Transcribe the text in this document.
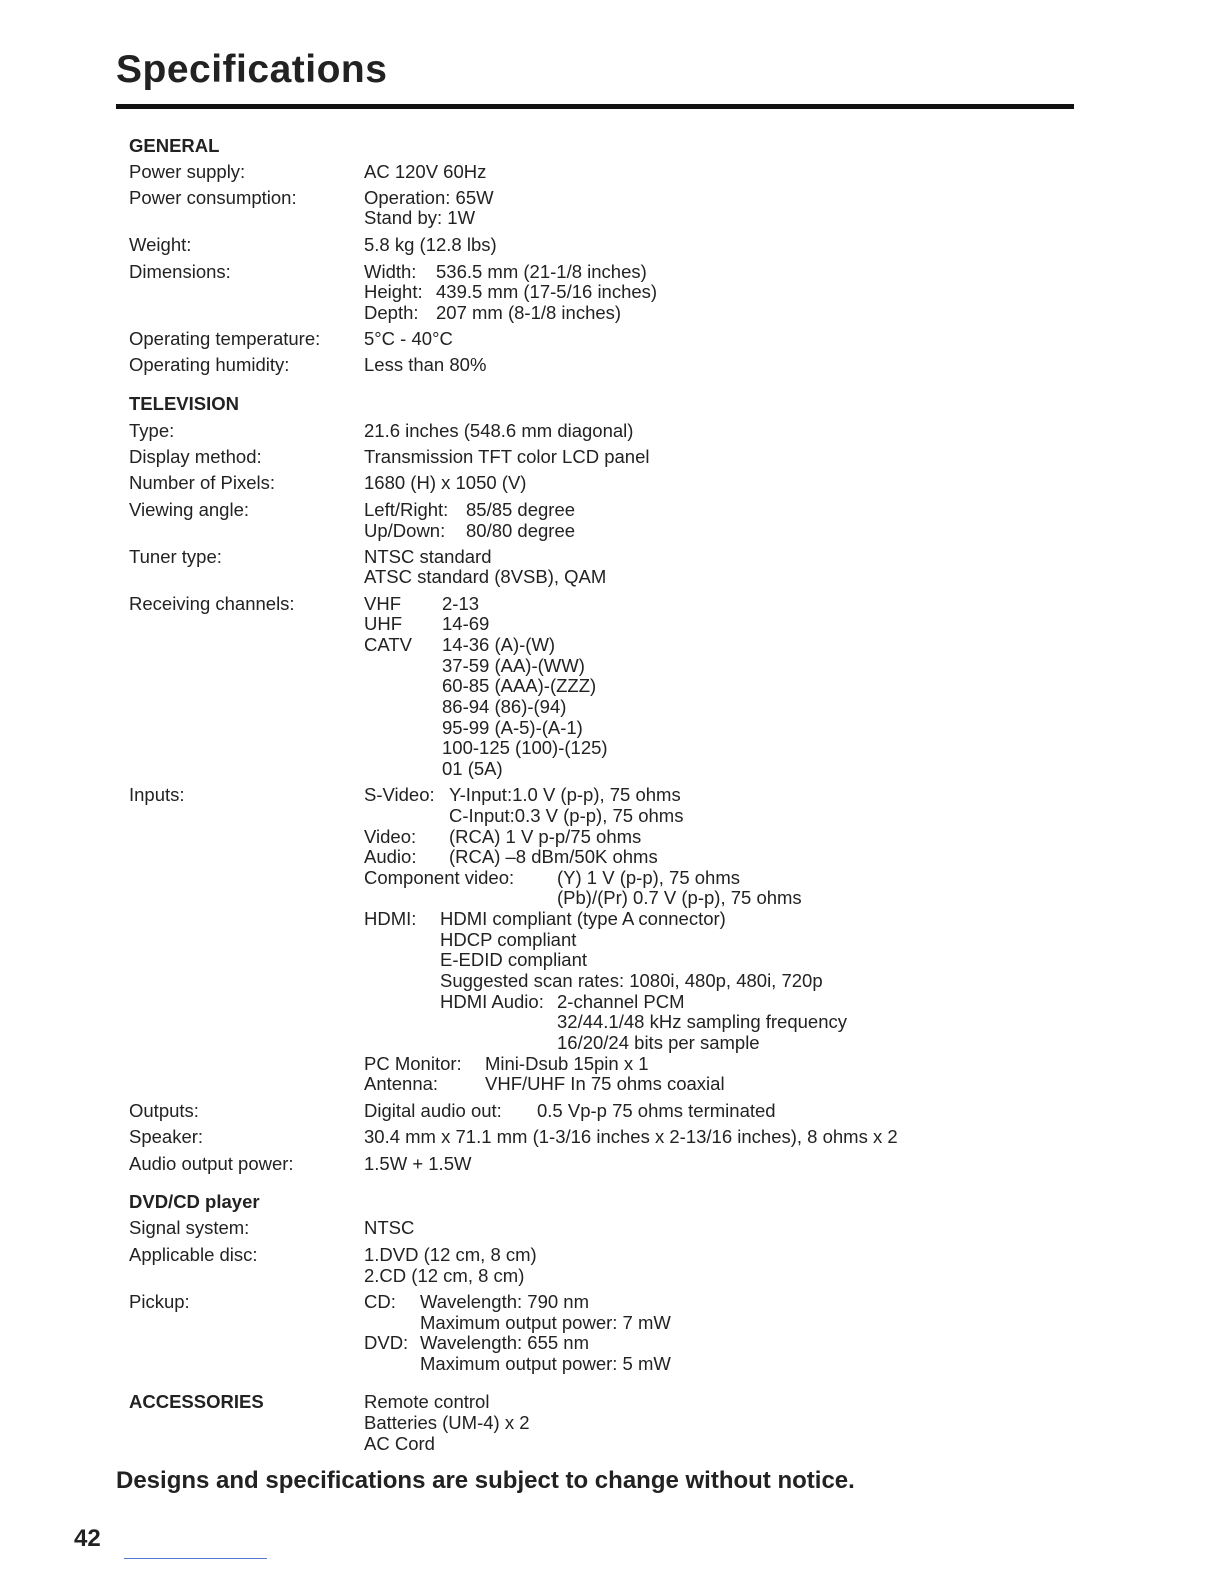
Specifications
GENERAL
Power supply:	AC 120V 60Hz
Power consumption:	Operation: 65W
Stand by: 1W
Weight:	5.8 kg (12.8 lbs)
Dimensions:	Width: 536.5 mm (21-1/8 inches)
Height: 439.5 mm (17-5/16 inches)
Depth: 207 mm (8-1/8 inches)
Operating temperature: 5°C - 40°C
Operating humidity:	Less than 80%
TELEVISION
Type:	21.6 inches (548.6 mm diagonal)
Display method:	Transmission TFT color LCD panel
Number of Pixels:	1680 (H) x 1050 (V)
Viewing angle:	Left/Right: 85/85 degree
Up/Down: 80/80 degree
Tuner type:	NTSC standard
ATSC standard (8VSB), QAM
Receiving channels:	VHF 2-13
UHF 14-69
CATV 14-36 (A)-(W)
37-59 (AA)-(WW)
60-85 (AAA)-(ZZZ)
86-94 (86)-(94)
95-99 (A-5)-(A-1)
100-125 (100)-(125)
01 (5A)
Inputs:	S-Video: Y-Input:1.0 V (p-p), 75 ohms
C-Input:0.3 V (p-p), 75 ohms
Video: (RCA) 1 V p-p/75 ohms
Audio: (RCA) –8 dBm/50K ohms
Component video: (Y) 1 V (p-p), 75 ohms
(Pb)/(Pr) 0.7 V (p-p), 75 ohms
HDMI: HDMI compliant (type A connector)
HDCP compliant
E-EDID compliant
Suggested scan rates: 1080i, 480p, 480i, 720p
HDMI Audio: 2-channel PCM
32/44.1/48 kHz sampling frequency
16/20/24 bits per sample
PC Monitor: Mini-Dsub 15pin x 1
Antenna:	VHF/UHF In 75 ohms coaxial
Outputs:	Digital audio out: 0.5 Vp-p 75 ohms terminated
Speaker:	30.4 mm x 71.1 mm (1-3/16 inches x 2-13/16 inches), 8 ohms x 2
Audio output power:	1.5W + 1.5W
DVD/CD player
Signal system:	NTSC
Applicable disc:	1.DVD (12 cm, 8 cm)
2.CD (12 cm, 8 cm)
Pickup:	CD: Wavelength: 790 nm
Maximum output power: 7 mW
DVD: Wavelength: 655 nm
Maximum output power: 5 mW
ACCESSORIES	Remote control
Batteries (UM-4) x 2
AC Cord
Designs and specifications are subject to change without notice.
42
